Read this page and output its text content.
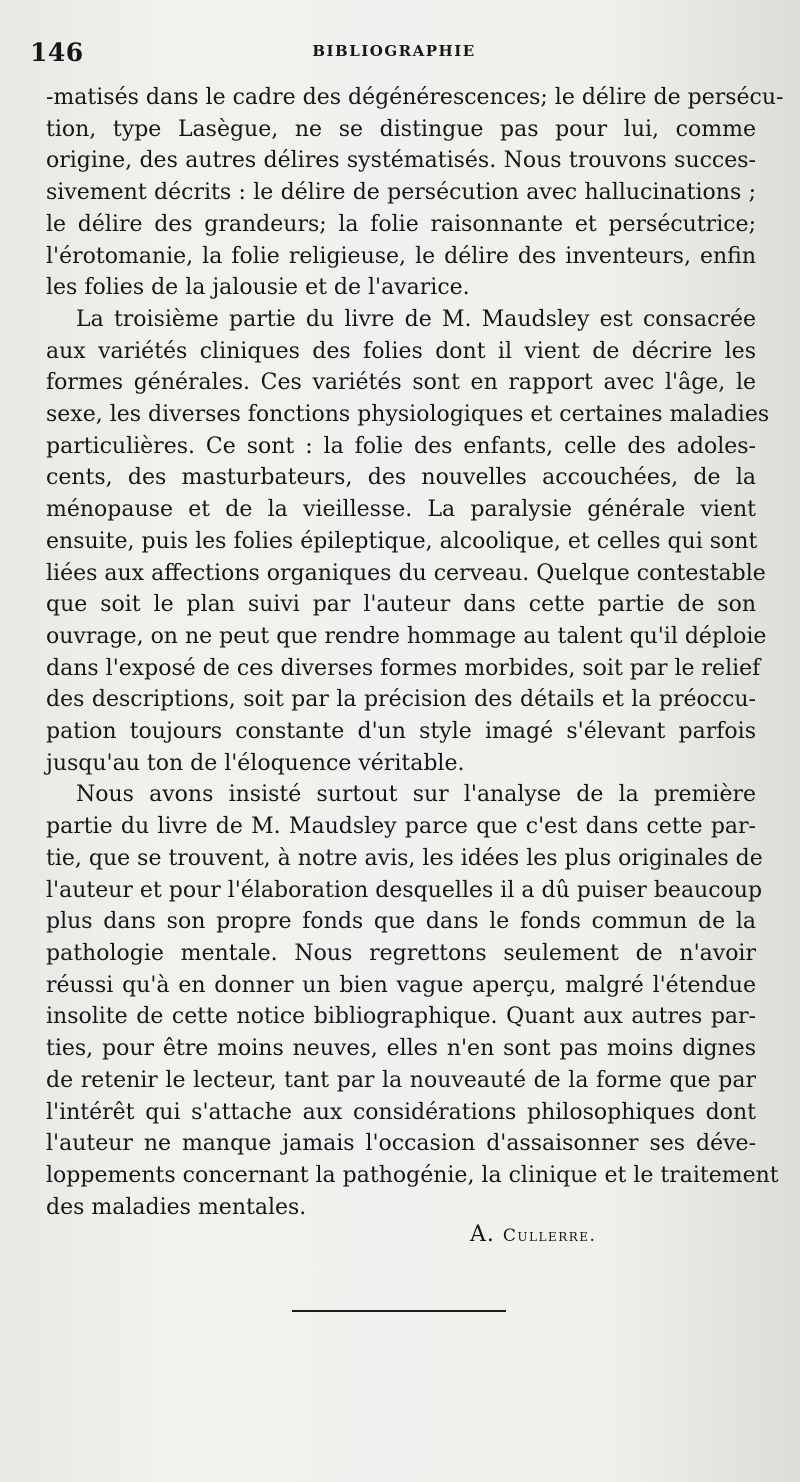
146	BIBLIOGRAPHIE
-matisés dans le cadre des dégénérescences; le délire de persécu-
tion, type Lasègue, ne se distingue pas pour lui, comme
origine, des autres délires systématisés. Nous trouvons succes-
sivement décrits : le délire de persécution avec hallucinations ;
le délire des grandeurs; la folie raisonnante et persécutrice;
l'érotomanie, la folie religieuse, le délire des inventeurs, enfin
les folies de la jalousie et de l'avarice.
La troisième partie du livre de M. Maudsley est consacrée
aux variétés cliniques des folies dont il vient de décrire les
formes générales. Ces variétés sont en rapport avec l'âge, le
sexe, les diverses fonctions physiologiques et certaines maladies
particulières. Ce sont : la folie des enfants, celle des adoles-
cents, des masturbateurs, des nouvelles accouchées, de la
ménopause et de la vieillesse. La paralysie générale vient
ensuite, puis les folies épileptique, alcoolique, et celles qui sont
liées aux affections organiques du cerveau. Quelque contestable
que soit le plan suivi par l'auteur dans cette partie de son
ouvrage, on ne peut que rendre hommage au talent qu'il déploie
dans l'exposé de ces diverses formes morbides, soit par le relief
des descriptions, soit par la précision des détails et la préoccu-
pation toujours constante d'un style imagé s'élevant parfois
jusqu'au ton de l'éloquence véritable.
Nous avons insisté surtout sur l'analyse de la première
partie du livre de M. Maudsley parce que c'est dans cette par-
tie, que se trouvent, à notre avis, les idées les plus originales de
l'auteur et pour l'élaboration desquelles il a dû puiser beaucoup
plus dans son propre fonds que dans le fonds commun de la
pathologie mentale. Nous regrettons seulement de n'avoir
réussi qu'à en donner un bien vague aperçu, malgré l'étendue
insolite de cette notice bibliographique. Quant aux autres par-
ties, pour être moins neuves, elles n'en sont pas moins dignes
de retenir le lecteur, tant par la nouveauté de la forme que par
l'intérêt qui s'attache aux considérations philosophiques dont
l'auteur ne manque jamais l'occasion d'assaisonner ses déve-
loppements concernant la pathogénie, la clinique et le traitement
des maladies mentales.
A. Cullerre.
